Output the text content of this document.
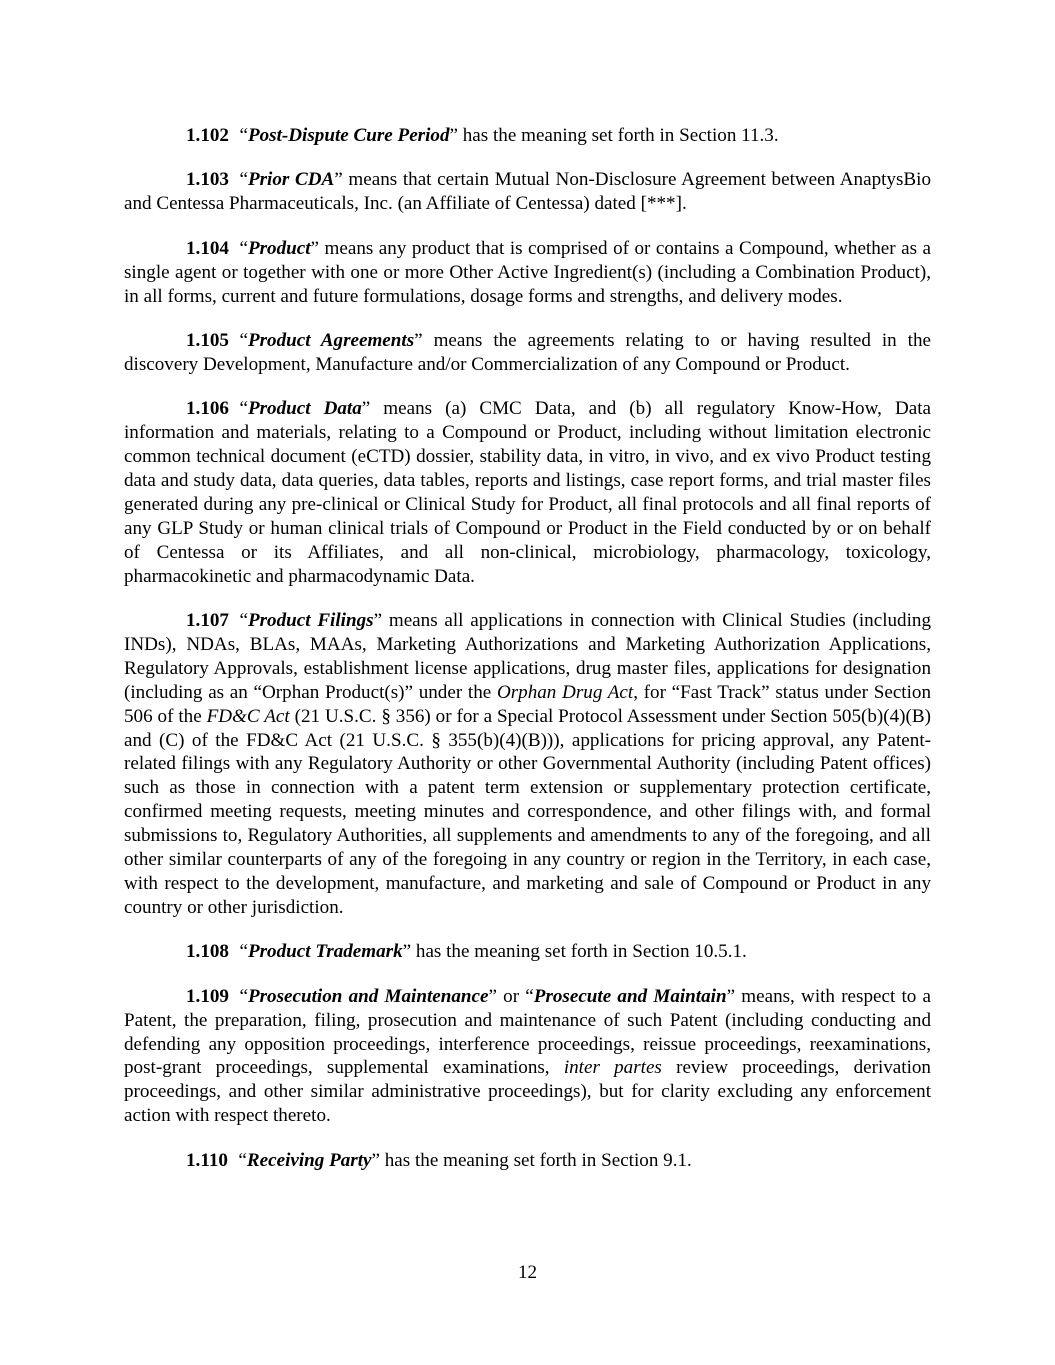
1.102 “Post-Dispute Cure Period” has the meaning set forth in Section 11.3.

1.103 “Prior CDA” means that certain Mutual Non-Disclosure Agreement between AnaptysBio and Centessa Pharmaceuticals, Inc. (an Affiliate of Centessa) dated [***].

1.104 “Product” means any product that is comprised of or contains a Compound, whether as a single agent or together with one or more Other Active Ingredient(s) (including a Combination Product), in all forms, current and future formulations, dosage forms and strengths, and delivery modes.

1.105 “Product Agreements” means the agreements relating to or having resulted in the discovery Development, Manufacture and/or Commercialization of any Compound or Product.

1.106 “Product Data” means (a) CMC Data, and (b) all regulatory Know-How, Data information and materials, relating to a Compound or Product, including without limitation electronic common technical document (eCTD) dossier, stability data, in vitro, in vivo, and ex vivo Product testing data and study data, data queries, data tables, reports and listings, case report forms, and trial master files generated during any pre-clinical or Clinical Study for Product, all final protocols and all final reports of any GLP Study or human clinical trials of Compound or Product in the Field conducted by or on behalf of Centessa or its Affiliates, and all non-clinical, microbiology, pharmacology, toxicology, pharmacokinetic and pharmacodynamic Data.

1.107 “Product Filings” means all applications in connection with Clinical Studies (including INDs), NDAs, BLAs, MAAs, Marketing Authorizations and Marketing Authorization Applications, Regulatory Approvals, establishment license applications, drug master files, applications for designation (including as an “Orphan Product(s)” under the Orphan Drug Act, for “Fast Track” status under Section 506 of the FD&C Act (21 U.S.C. § 356) or for a Special Protocol Assessment under Section 505(b)(4)(B) and (C) of the FD&C Act (21 U.S.C. § 355(b)(4)(B))), applications for pricing approval, any Patent-related filings with any Regulatory Authority or other Governmental Authority (including Patent offices) such as those in connection with a patent term extension or supplementary protection certificate, confirmed meeting requests, meeting minutes and correspondence, and other filings with, and formal submissions to, Regulatory Authorities, all supplements and amendments to any of the foregoing, and all other similar counterparts of any of the foregoing in any country or region in the Territory, in each case, with respect to the development, manufacture, and marketing and sale of Compound or Product in any country or other jurisdiction.

1.108 “Product Trademark” has the meaning set forth in Section 10.5.1.

1.109 “Prosecution and Maintenance” or “Prosecute and Maintain” means, with respect to a Patent, the preparation, filing, prosecution and maintenance of such Patent (including conducting and defending any opposition proceedings, interference proceedings, reissue proceedings, reexaminations, post-grant proceedings, supplemental examinations, inter partes review proceedings, derivation proceedings, and other similar administrative proceedings), but for clarity excluding any enforcement action with respect thereto.

1.110 “Receiving Party” has the meaning set forth in Section 9.1.

12
